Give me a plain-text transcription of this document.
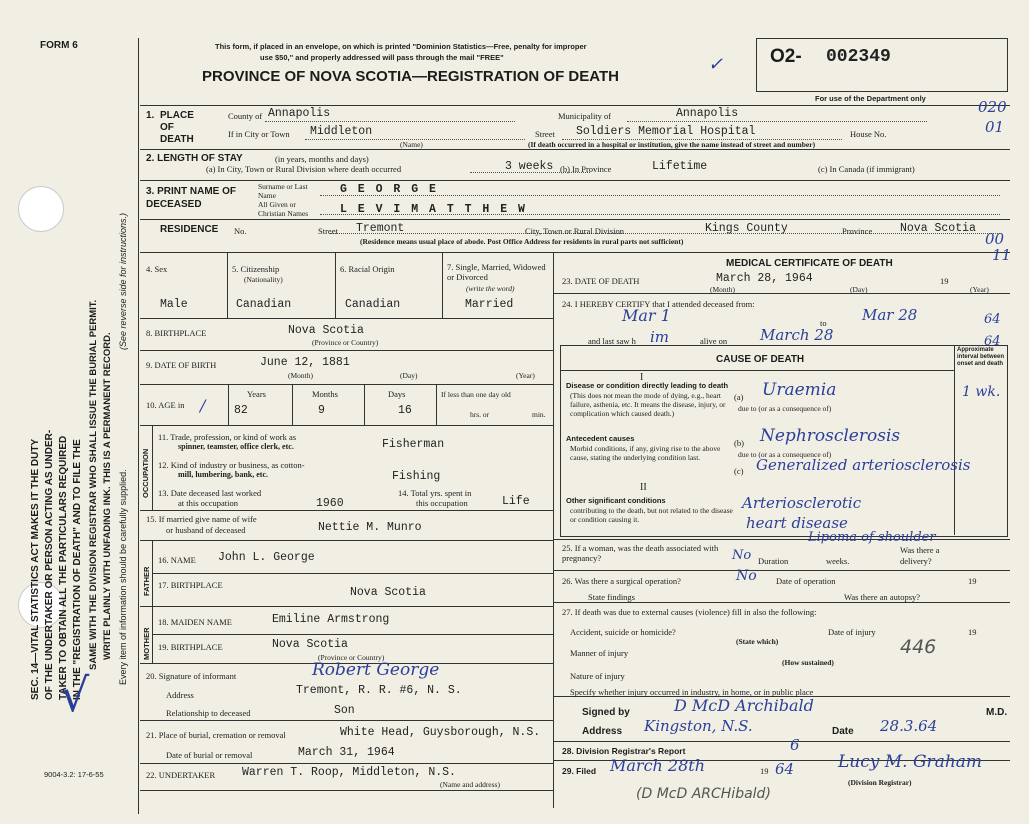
FORM 6	This form, if placed in an envelope, on which is printed "Dominion Statistics—Free, penalty for improper
use $50," and properly addressed will pass through the mail "FREE"
PROVINCE OF NOVA SCOTIA—REGISTRATION OF DEATH
O2- 002349
For use of the Department only	020
01
00
11
SEC. 14—VITAL STATISTICS ACT MAKES IT THE DUTY OF THE UNDERTAKER OR PERSON ACTING AS UNDER- TAKER TO OBTAIN ALL THE PARTICULARS REQUIRED IN THE "REGISTRATION OF DEATH" AND TO FILE THE SAME WITH THE DIVISION REGISTRAR WHO SHALL ISSUE THE BURIAL PERMIT. WRITE PLAINLY WITH UNFADING INK. THIS IS A PERMANENT RECORD. Every item of information should be carefully supplied.
(See reverse side for instructions.)
9004-3.2: 17-6-55
(D McD ARCHibald)
1. PLACE OF DEATH
County of Annapolis	Municipality of	Annapolis
If in City or Town Middleton
(Name)
Street Soldiers Memorial Hospital	House No.
(If death occurred in a hospital or institution, give the name instead of street and number)
2. LENGTH OF STAY	(in years, months and days)
(a) In City, Town or Rural Division where death occurred	3 weeks (b) In Province	Lifetime	(c) In Canada (if immigrant)
3. PRINT NAME OF DECEASED
Surname or Last Name
All Given or Christian Names
G E O R G E
L E V I M A T T H E W
RESIDENCE No.	Street Tremont	City, Town or Rural Division	Kings County	Province Nova Scotia
(Residence means usual place of abode. Post Office Address for residents in rural parts not sufficient)
4. Sex
Male
5. Citizenship
(Nationality)
Canadian
6. Racial Origin
Canadian
7. Single, Married, Widowed or Divorced
(write the word)
Married
8. BIRTHPLACE	Nova Scotia
(Province or Country)
9. DATE OF BIRTH	June 12, 1881
(Month)	(Day)	(Year)
10. AGE in
Years	Months	Days
82	9	16
If less than one day old
hrs. or	min.
/
OCCUPATION
11. Trade, profession, or kind of work as
spinner, teamster, office clerk, etc.	Fisherman
12. Kind of industry or business, as cotton-
mill, lumbering, bank, etc.	Fishing
13. Date deceased last worked
at this occupation	1960
14. Total yrs. spent in
this occupation	Life
15. If married give name of wife
or husband of deceased	Nettie M. Munro
FATHER
MOTHER
16. NAME John L. George
17. BIRTHPLACE
Nova Scotia
18. MAIDEN NAME	Emiline Armstrong
19. BIRTHPLACE	Nova Scotia
(Province or Country)
20. Signature of informant	Robert George
Address	Tremont, R. R. #6, N. S.
Relationship to deceased	Son
21. Place of burial, cremation or removal	White Head, Guysborough, N.S.
Date of burial or removal	March 31, 1964
22. UNDERTAKER Warren T. Roop, Middleton, N.S.
(Name and address)
MEDICAL CERTIFICATE OF DEATH
23. DATE OF DEATH	March 28, 1964	19
(Month)	(Day)	(Year)
24. I HEREBY CERTIFY that I attended deceased from:
Mar 1	to Mar 28	64
and last saw h im	alive on March 28	64
CAUSE OF DEATH
Approximate interval between onset and death
I
Disease or condition directly leading to death
(This does not mean the mode of dying, e.g., heart failure, asthenia, etc. It means the disease, injury, or complication which caused death.)
(a) Uraemia	1 wk.
due to (or as a consequence of)
Antecedent causes
Morbid conditions, if any, giving rise to the above cause, stating the underlying condition last.
(b) Nephrosclerosis
due to (or as a consequence of)
(c) Generalized arteriosclerosis
II
Other significant conditions
contributing to the death, but not related to the disease or condition causing it.
Arteriosclerotic
heart disease
Lipoma of shoulder
25. If a woman, was the death associated with pregnancy?	No Duration	weeks.
Was there a delivery?
26. Was there a surgical operation?	No Date of operation	19
State findings	Was there an autopsy?
27. If death was due to external causes (violence) fill in also the following:
Accident, suicide or homicide?
(State which)
Date of injury	19
Manner of injury	446
(How sustained)
Nature of injury
Specify whether injury occurred in industry, in home, or in public place
Signed by	D McD Archibald	M.D.
Address Kingston, N.S.	Date 28.3.64
28. Division Registrar's Report	6
29. Filed March 28th	19 64	Lucy M. Graham
(Division Registrar)
✓
√
